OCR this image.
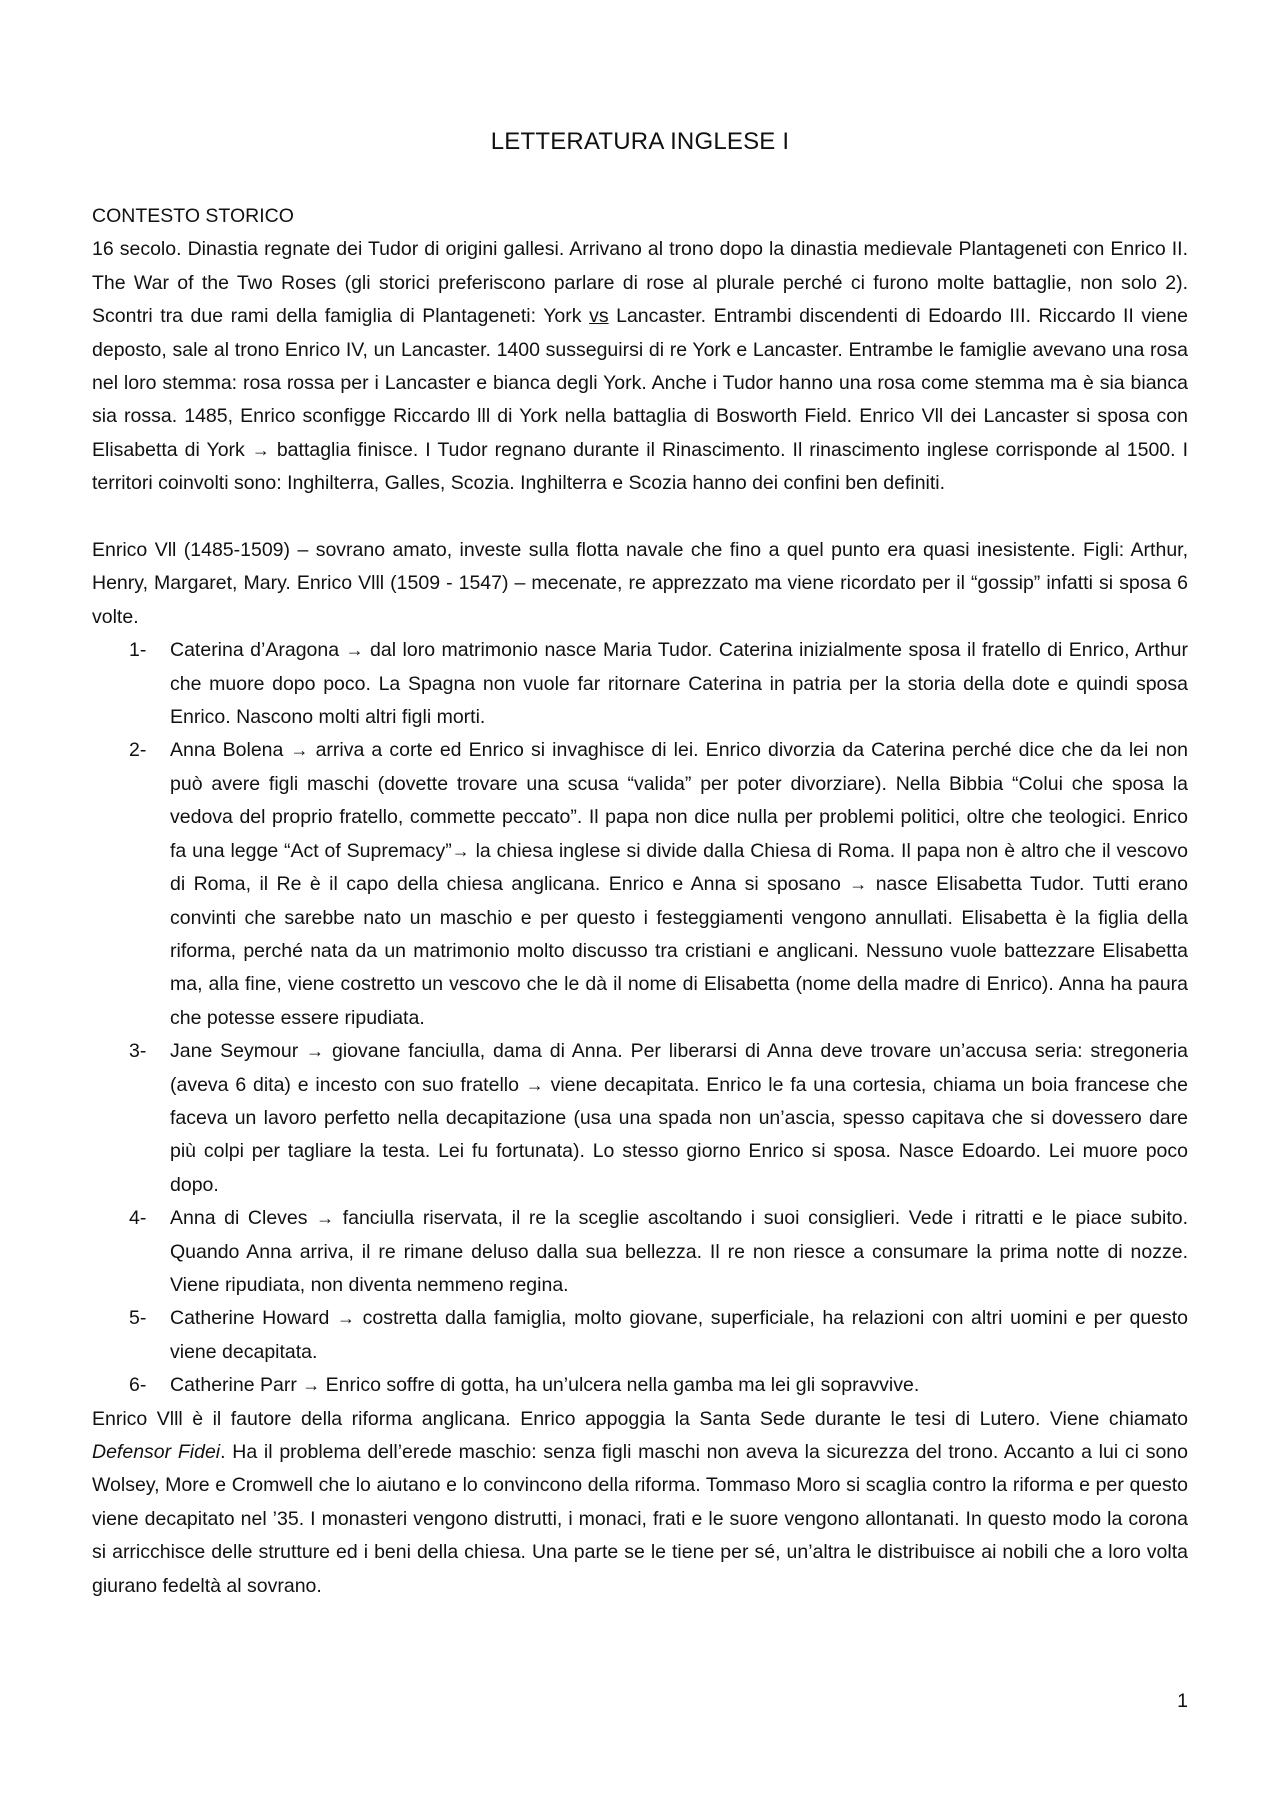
LETTERATURA INGLESE I

CONTESTO STORICO

16 secolo. Dinastia regnate dei Tudor di origini gallesi. Arrivano al trono dopo la dinastia medievale Plantageneti con Enrico II. The War of the Two Roses (gli storici preferiscono parlare di rose al plurale perché ci furono molte battaglie, non solo 2). Scontri tra due rami della famiglia di Plantageneti: York vs Lancaster. Entrambi discendenti di Edoardo III. Riccardo II viene deposto, sale al trono Enrico IV, un Lancaster. 1400 susseguirsi di re York e Lancaster. Entrambe le famiglie avevano una rosa nel loro stemma: rosa rossa per i Lancaster e bianca degli York. Anche i Tudor hanno una rosa come stemma ma è sia bianca sia rossa. 1485, Enrico sconfigge Riccardo lll di York nella battaglia di Bosworth Field. Enrico Vll dei Lancaster si sposa con Elisabetta di York → battaglia finisce. I Tudor regnano durante il Rinascimento. Il rinascimento inglese corrisponde al 1500. I territori coinvolti sono: Inghilterra, Galles, Scozia. Inghilterra e Scozia hanno dei confini ben definiti.

Enrico Vll (1485-1509) – sovrano amato, investe sulla flotta navale che fino a quel punto era quasi inesistente. Figli: Arthur, Henry, Margaret, Mary. Enrico Vlll (1509 - 1547) – mecenate, re apprezzato ma viene ricordato per il “gossip” infatti si sposa 6 volte.

1- Caterina d’Aragona → dal loro matrimonio nasce Maria Tudor. Caterina inizialmente sposa il fratello di Enrico, Arthur che muore dopo poco. La Spagna non vuole far ritornare Caterina in patria per la storia della dote e quindi sposa Enrico. Nascono molti altri figli morti.
2- Anna Bolena → arriva a corte ed Enrico si invaghisce di lei. Enrico divorzia da Caterina perché dice che da lei non può avere figli maschi (dovette trovare una scusa “valida” per poter divorziare). Nella Bibbia “Colui che sposa la vedova del proprio fratello, commette peccato”. Il papa non dice nulla per problemi politici, oltre che teologici. Enrico fa una legge “Act of Supremacy”→ la chiesa inglese si divide dalla Chiesa di Roma. Il papa non è altro che il vescovo di Roma, il Re è il capo della chiesa anglicana. Enrico e Anna si sposano → nasce Elisabetta Tudor. Tutti erano convinti che sarebbe nato un maschio e per questo i festeggiamenti vengono annullati. Elisabetta è la figlia della riforma, perché nata da un matrimonio molto discusso tra cristiani e anglicani. Nessuno vuole battezzare Elisabetta ma, alla fine, viene costretto un vescovo che le dà il nome di Elisabetta (nome della madre di Enrico). Anna ha paura che potesse essere ripudiata.
3- Jane Seymour → giovane fanciulla, dama di Anna. Per liberarsi di Anna deve trovare un’accusa seria: stregoneria (aveva 6 dita) e incesto con suo fratello → viene decapitata. Enrico le fa una cortesia, chiama un boia francese che faceva un lavoro perfetto nella decapitazione (usa una spada non un’ascia, spesso capitava che si dovessero dare più colpi per tagliare la testa. Lei fu fortunata). Lo stesso giorno Enrico si sposa. Nasce Edoardo. Lei muore poco dopo.
4- Anna di Cleves → fanciulla riservata, il re la sceglie ascoltando i suoi consiglieri. Vede i ritratti e le piace subito. Quando Anna arriva, il re rimane deluso dalla sua bellezza. Il re non riesce a consumare la prima notte di nozze. Viene ripudiata, non diventa nemmeno regina.
5- Catherine Howard → costretta dalla famiglia, molto giovane, superficiale, ha relazioni con altri uomini e per questo viene decapitata.
6- Catherine Parr → Enrico soffre di gotta, ha un’ulcera nella gamba ma lei gli sopravvive.

Enrico Vlll è il fautore della riforma anglicana. Enrico appoggia la Santa Sede durante le tesi di Lutero. Viene chiamato Defensor Fidei. Ha il problema dell’erede maschio: senza figli maschi non aveva la sicurezza del trono. Accanto a lui ci sono Wolsey, More e Cromwell che lo aiutano e lo convincono della riforma. Tommaso Moro si scaglia contro la riforma e per questo viene decapitato nel ’35. I monasteri vengono distrutti, i monaci, frati e le suore vengono allontanati. In questo modo la corona si arricchisce delle strutture ed i beni della chiesa. Una parte se le tiene per sé, un’altra le distribuisce ai nobili che a loro volta giurano fedeltà al sovrano.

1
